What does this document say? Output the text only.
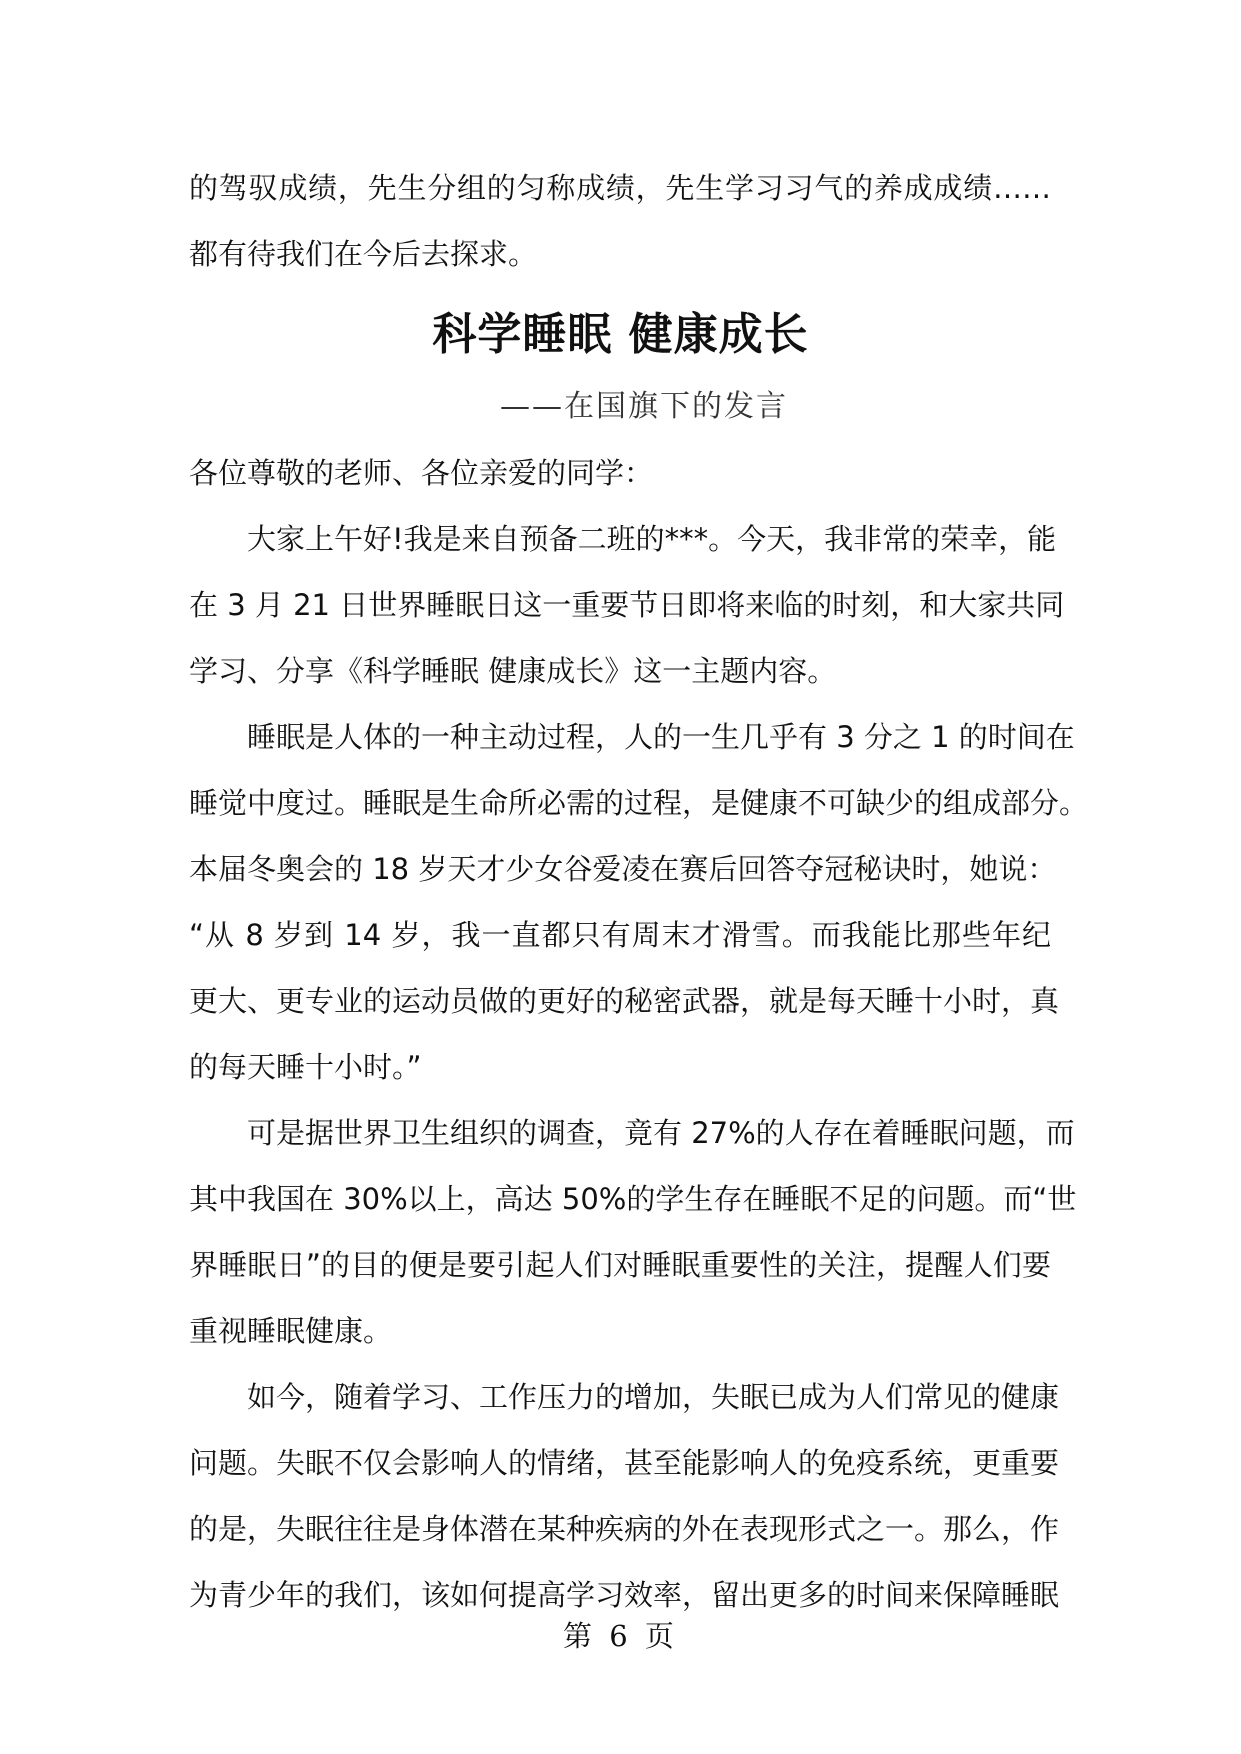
的驾驭成绩，先生分组的匀称成绩，先生学习习气的养成成绩……
都有待我们在今后去探求。
科学睡眠 健康成长
——在国旗下的发言
各位尊敬的老师、各位亲爱的同学：
大家上午好!我是来自预备二班的***。今天，我非常的荣幸，能
在 3 月 21 日世界睡眠日这一重要节日即将来临的时刻，和大家共同
学习、分享《科学睡眠 健康成长》这一主题内容。
睡眠是人体的一种主动过程，人的一生几乎有 3 分之 1 的时间在
睡觉中度过。睡眠是生命所必需的过程，是健康不可缺少的组成部分。
本届冬奥会的 18 岁天才少女谷爱凌在赛后回答夺冠秘诀时，她说：
“从 8 岁到 14 岁，我一直都只有周末才滑雪。而我能比那些年纪
更大、更专业的运动员做的更好的秘密武器，就是每天睡十小时，真
的每天睡十小时。”
可是据世界卫生组织的调查，竟有 27%的人存在着睡眠问题，而
其中我国在 30%以上，高达 50%的学生存在睡眠不足的问题。而“世
界睡眠日”的目的便是要引起人们对睡眠重要性的关注，提醒人们要
重视睡眠健康。
如今，随着学习、工作压力的增加，失眠已成为人们常见的健康
问题。失眠不仅会影响人的情绪，甚至能影响人的免疫系统，更重要
的是，失眠往往是身体潜在某种疾病的外在表现形式之一。那么，作
为青少年的我们，该如何提高学习效率，留出更多的时间来保障睡眠
第 6 页
